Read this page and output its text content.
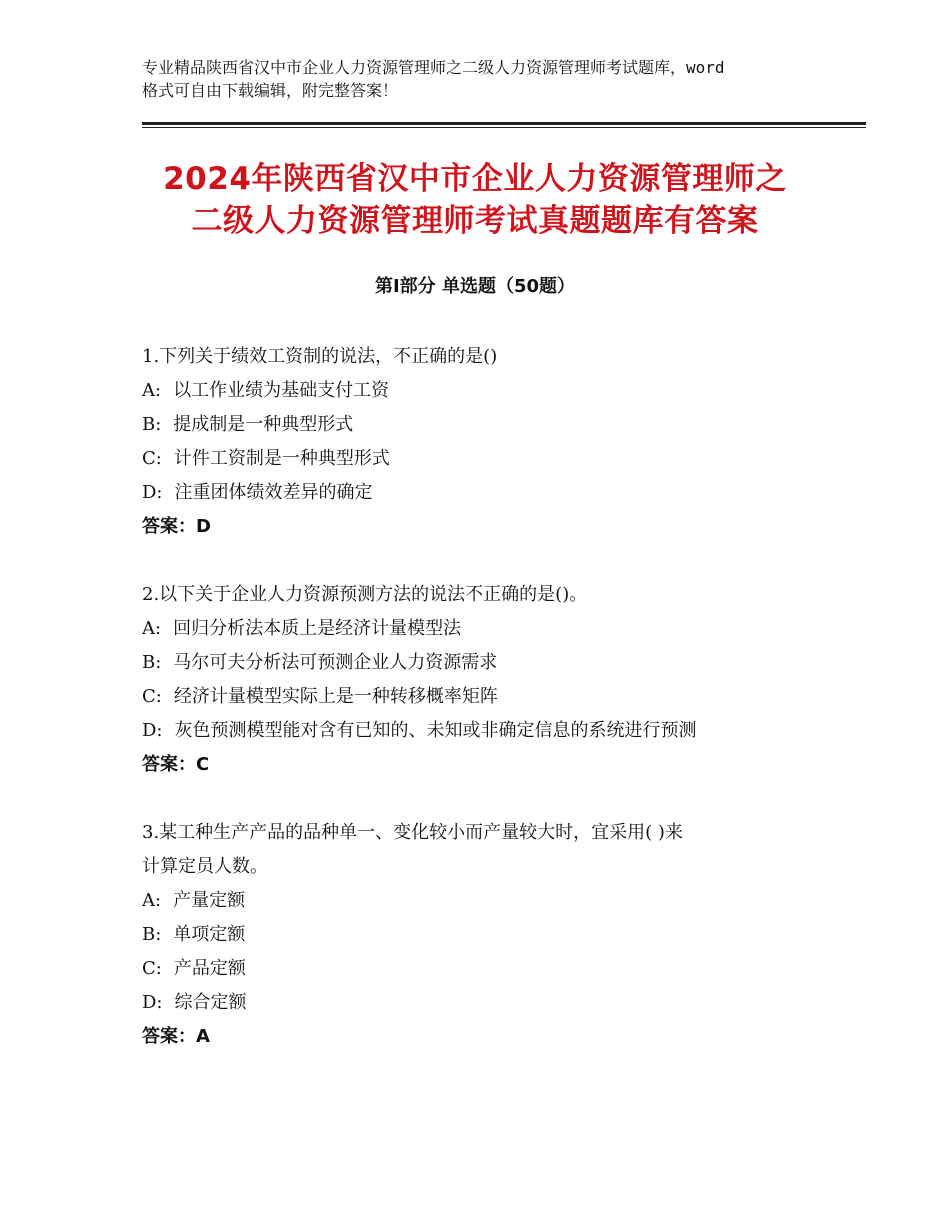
专业精品陕西省汉中市企业人力资源管理师之二级人力资源管理师考试题库，word
格式可自由下载编辑，附完整答案！
2024年陕西省汉中市企业人力资源管理师之
二级人力资源管理师考试真题题库有答案
第Ⅰ部分 单选题（50题）
1.下列关于绩效工资制的说法，不正确的是()
A: 以工作业绩为基础支付工资
B: 提成制是一种典型形式
C: 计件工资制是一种典型形式
D: 注重团体绩效差异的确定
答案：D
2.以下关于企业人力资源预测方法的说法不正确的是()。
A: 回归分析法本质上是经济计量模型法
B: 马尔可夫分析法可预测企业人力资源需求
C: 经济计量模型实际上是一种转移概率矩阵
D: 灰色预测模型能对含有已知的、未知或非确定信息的系统进行预测
答案：C
3.某工种生产产品的品种单一、变化较小而产量较大时，宜采用( )来
计算定员人数。
A: 产量定额
B: 单项定额
C: 产品定额
D: 综合定额
答案：A
